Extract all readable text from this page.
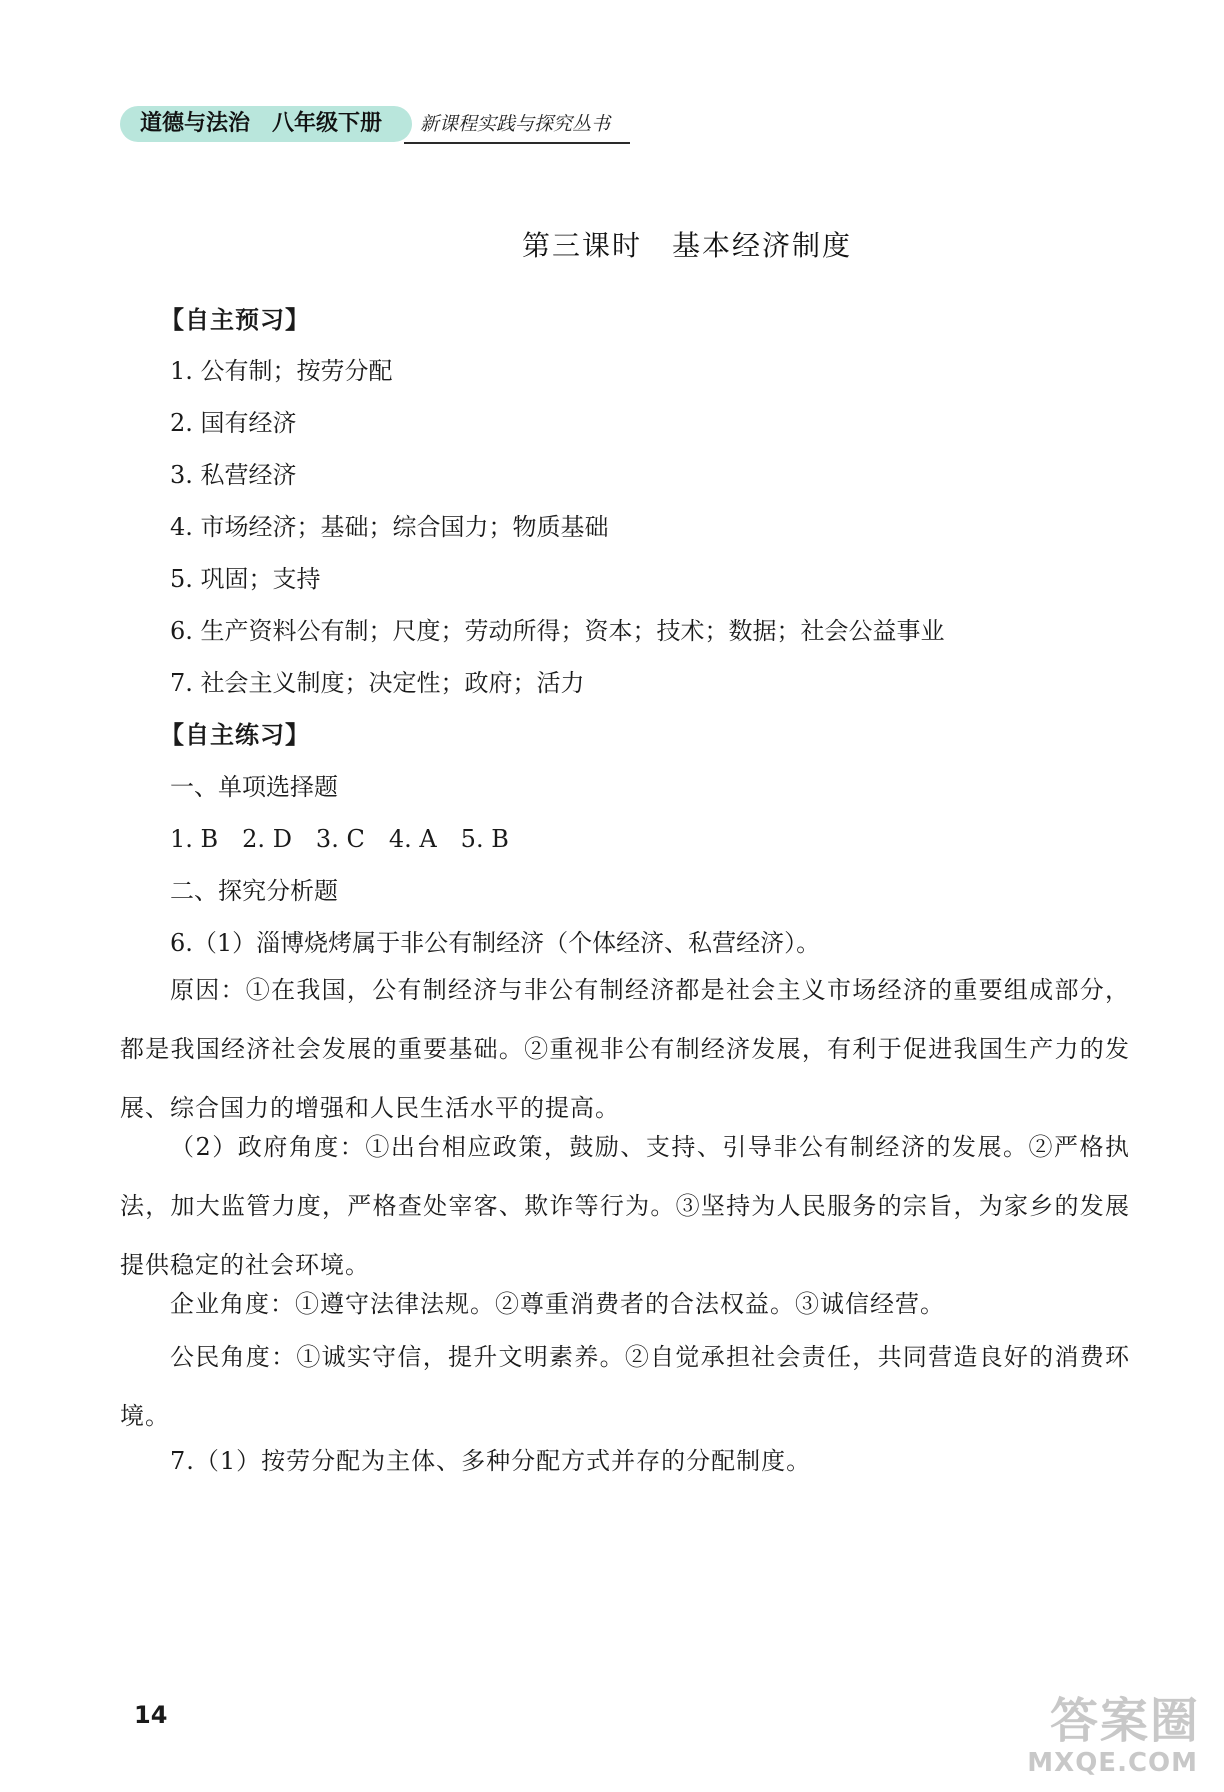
道德与法治　八年级下册 新课程实践与探究丛书
第三课时　基本经济制度
【自主预习】
1. 公有制；按劳分配
2. 国有经济
3. 私营经济
4. 市场经济；基础；综合国力；物质基础
5. 巩固；支持
6. 生产资料公有制；尺度；劳动所得；资本；技术；数据；社会公益事业
7. 社会主义制度；决定性；政府；活力
【自主练习】
一、单项选择题
1. B　2. D　3. C　4. A　5. B
二、探究分析题
6.（1）淄博烧烤属于非公有制经济（个体经济、私营经济）。
原因：①在我国，公有制经济与非公有制经济都是社会主义市场经济的重要组成部分，都是我国经济社会发展的重要基础。②重视非公有制经济发展，有利于促进我国生产力的发展、综合国力的增强和人民生活水平的提高。
（2）政府角度：①出台相应政策，鼓励、支持、引导非公有制经济的发展。②严格执法，加大监管力度，严格查处宰客、欺诈等行为。③坚持为人民服务的宗旨，为家乡的发展提供稳定的社会环境。
企业角度：①遵守法律法规。②尊重消费者的合法权益。③诚信经营。
公民角度：①诚实守信，提升文明素养。②自觉承担社会责任，共同营造良好的消费环境。
7.（1）按劳分配为主体、多种分配方式并存的分配制度。
14	答案圈
MXQE.COM
